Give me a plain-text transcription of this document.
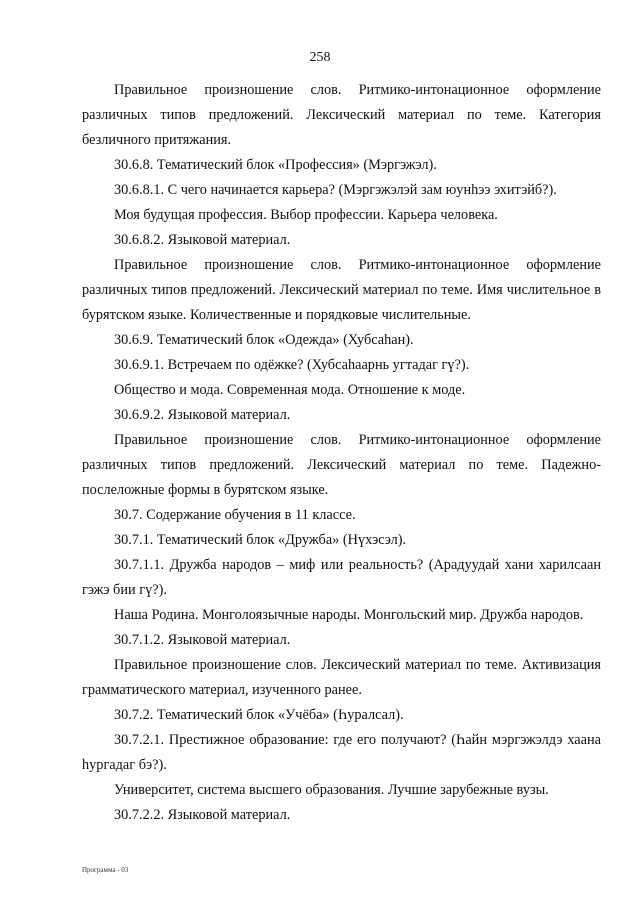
258

Правильное произношение слов. Ритмико-интонационное оформление различных типов предложений. Лексический материал по теме. Категория безличного притяжания.

30.6.8. Тематический блок «Профессия» (Мэргэжэл).

30.6.8.1. С чего начинается карьера? (Мэргэжэлэй зам юунhээ эхитэйб?).

Моя будущая профессия. Выбор профессии. Карьера человека.

30.6.8.2. Языковой материал.

Правильное произношение слов. Ритмико-интонационное оформление различных типов предложений. Лексический материал по теме. Имя числительное в бурятском языке. Количественные и порядковые числительные.

30.6.9. Тематический блок «Одежда» (Хубсаhан).

30.6.9.1. Встречаем по одёжке? (Хубсаhаарнь угтадаг гү?).

Общество и мода. Современная мода. Отношение к моде.

30.6.9.2. Языковой материал.

Правильное произношение слов. Ритмико-интонационное оформление различных типов предложений. Лексический материал по теме. Падежно-послеложные формы в бурятском языке.

30.7. Содержание обучения в 11 классе.

30.7.1. Тематический блок «Дружба» (Нүхэсэл).

30.7.1.1. Дружба народов – миф или реальность? (Арадуудай хани харилсаан гэжэ бии гү?).

Наша Родина. Монголоязычные народы. Монгольский мир. Дружба народов.

30.7.1.2. Языковой материал.

Правильное произношение слов. Лексический материал по теме. Активизация грамматического материал, изученного ранее.

30.7.2. Тематический блок «Учёба» (Һуралсал).

30.7.2.1. Престижное образование: где его получают? (Һайн мэргэжэлдэ хаана һургадаг бэ?).

Университет, система высшего образования. Лучшие зарубежные вузы.

30.7.2.2. Языковой материал.

Программа - 03
